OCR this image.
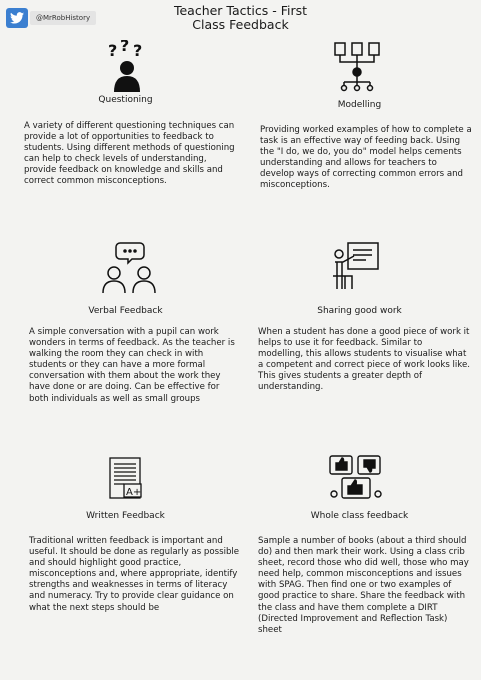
@MrRobHistory	Teacher Tactics - First
Class Feedback
? ? ?
Questioning

A variety of different questioning techniques can provide a lot of opportunities to feedback to students. Using different methods of questioning can help to check levels of understanding, provide feedback on knowledge and skills and correct common misconceptions.

Modelling

Providing worked examples of how to complete a task is an effective way of feeding back. Using the "I do, we do, you do" model helps cements understanding and allows for teachers to develop ways of correcting common errors and misconceptions.

Verbal Feedback

A simple conversation with a pupil can work wonders in terms of feedback. As the teacher is walking the room they can check in with students or they can have a more formal conversation with them about the work they have done or are doing. Can be effective for both individuals as well as small groups

Sharing good work

When a student has done a good piece of work it helps to use it for feedback. Similar to modelling, this allows students to visualise what a competent and correct piece of work looks like. This gives students a greater depth of understanding.

A+
Written Feedback

Traditional written feedback is important and useful. It should be done as regularly as possible and should highlight good practice, misconceptions and, where appropriate, identify strengths and weaknesses in terms of literacy and numeracy. Try to provide clear guidance on what the next steps should be

Whole class feedback

Sample a number of books (about a third should do) and then mark their work. Using a class crib sheet, record those who did well, those who may need help, common misconceptions and issues with SPAG. Then find one or two examples of good practice to share. Share the feedback with the class and have them complete a DIRT (Directed Improvement and Reflection Task) sheet
